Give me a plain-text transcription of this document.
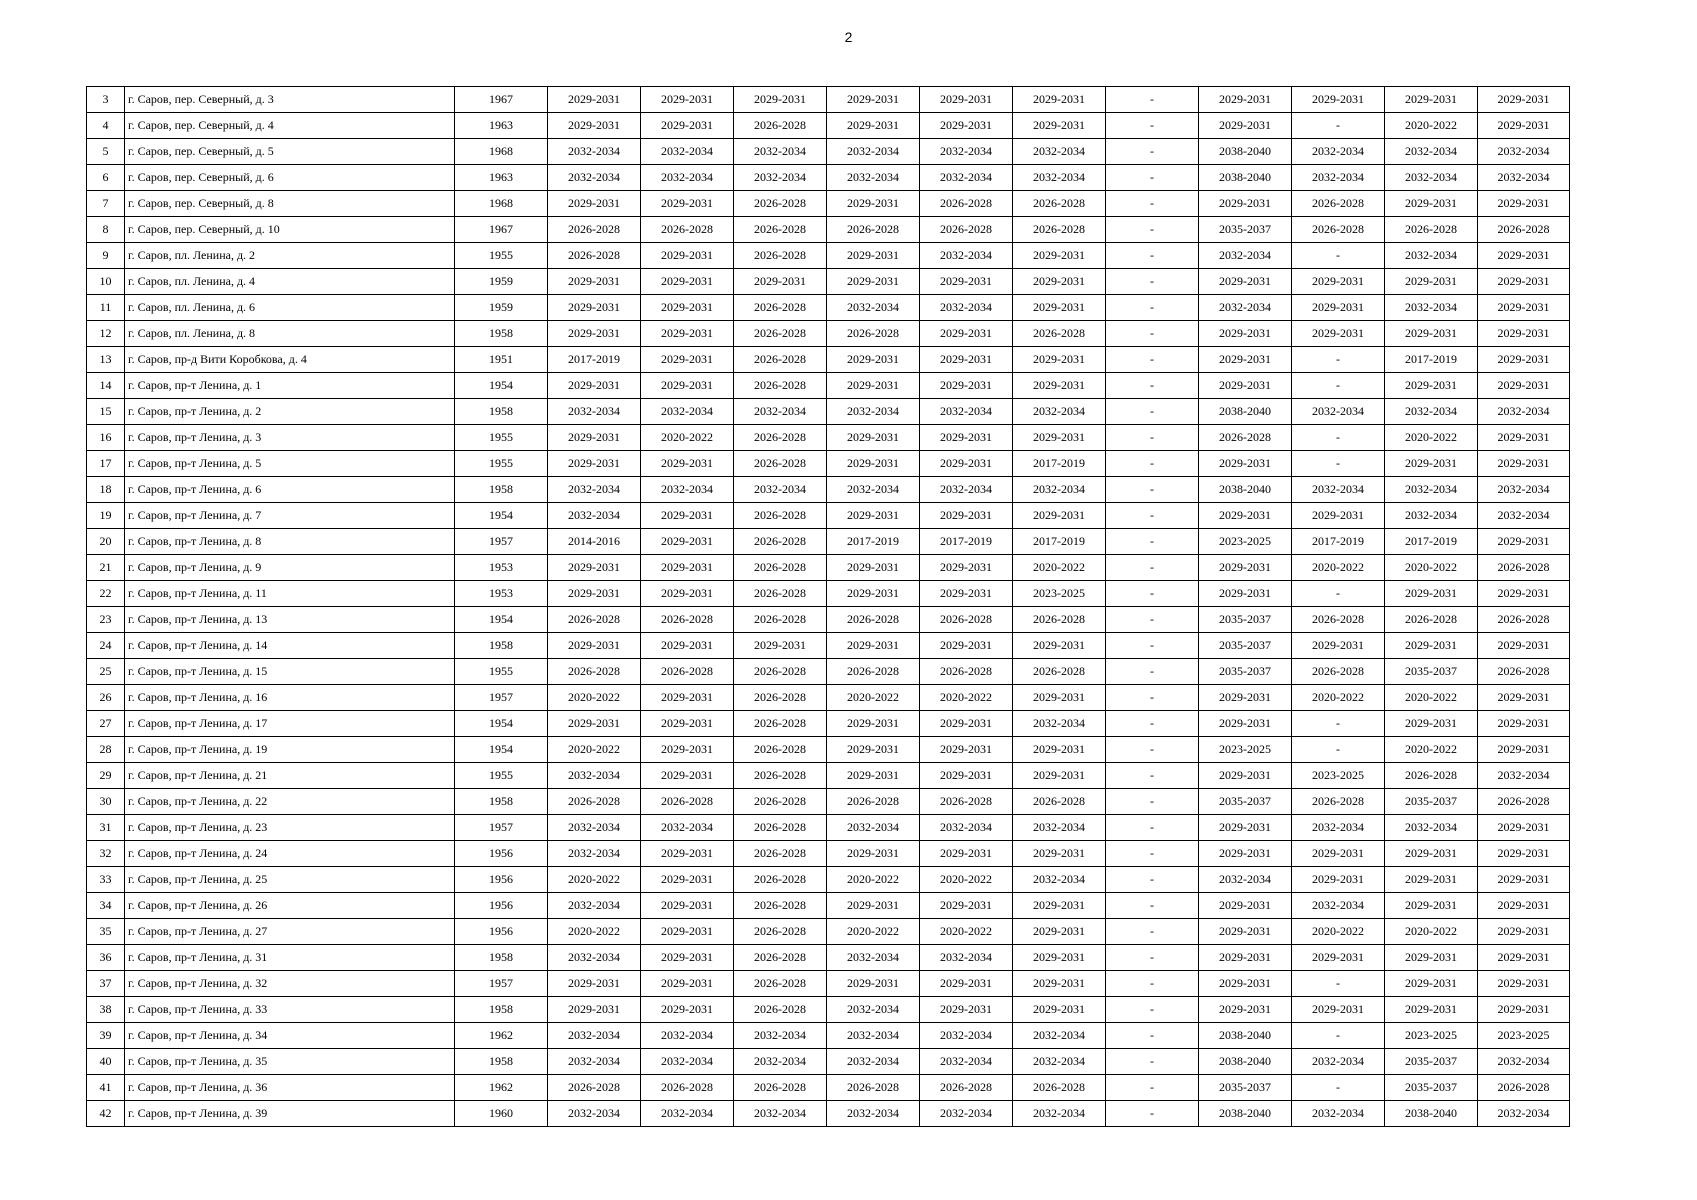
2
3	г. Саров, пер. Северный, д. 3	1967	2029-2031	2029-2031	2029-2031	2029-2031	2029-2031	2029-2031	-	2029-2031	2029-2031	2029-2031	2029-2031
4	г. Саров, пер. Северный, д. 4	1963	2029-2031	2029-2031	2026-2028	2029-2031	2029-2031	2029-2031	-	2029-2031	-	2020-2022	2029-2031
5	г. Саров, пер. Северный, д. 5	1968	2032-2034	2032-2034	2032-2034	2032-2034	2032-2034	2032-2034	-	2038-2040	2032-2034	2032-2034	2032-2034
6	г. Саров, пер. Северный, д. 6	1963	2032-2034	2032-2034	2032-2034	2032-2034	2032-2034	2032-2034	-	2038-2040	2032-2034	2032-2034	2032-2034
7	г. Саров, пер. Северный, д. 8	1968	2029-2031	2029-2031	2026-2028	2029-2031	2026-2028	2026-2028	-	2029-2031	2026-2028	2029-2031	2029-2031
8	г. Саров, пер. Северный, д. 10	1967	2026-2028	2026-2028	2026-2028	2026-2028	2026-2028	2026-2028	-	2035-2037	2026-2028	2026-2028	2026-2028
9	г. Саров, пл. Ленина, д. 2	1955	2026-2028	2029-2031	2026-2028	2029-2031	2032-2034	2029-2031	-	2032-2034	-	2032-2034	2029-2031
10	г. Саров, пл. Ленина, д. 4	1959	2029-2031	2029-2031	2029-2031	2029-2031	2029-2031	2029-2031	-	2029-2031	2029-2031	2029-2031	2029-2031
11	г. Саров, пл. Ленина, д. 6	1959	2029-2031	2029-2031	2026-2028	2032-2034	2032-2034	2029-2031	-	2032-2034	2029-2031	2032-2034	2029-2031
12	г. Саров, пл. Ленина, д. 8	1958	2029-2031	2029-2031	2026-2028	2026-2028	2029-2031	2026-2028	-	2029-2031	2029-2031	2029-2031	2029-2031
13	г. Саров, пр-д Вити Коробкова, д. 4	1951	2017-2019	2029-2031	2026-2028	2029-2031	2029-2031	2029-2031	-	2029-2031	-	2017-2019	2029-2031
14	г. Саров, пр-т Ленина, д. 1	1954	2029-2031	2029-2031	2026-2028	2029-2031	2029-2031	2029-2031	-	2029-2031	-	2029-2031	2029-2031
15	г. Саров, пр-т Ленина, д. 2	1958	2032-2034	2032-2034	2032-2034	2032-2034	2032-2034	2032-2034	-	2038-2040	2032-2034	2032-2034	2032-2034
16	г. Саров, пр-т Ленина, д. 3	1955	2029-2031	2020-2022	2026-2028	2029-2031	2029-2031	2029-2031	-	2026-2028	-	2020-2022	2029-2031
17	г. Саров, пр-т Ленина, д. 5	1955	2029-2031	2029-2031	2026-2028	2029-2031	2029-2031	2017-2019	-	2029-2031	-	2029-2031	2029-2031
18	г. Саров, пр-т Ленина, д. 6	1958	2032-2034	2032-2034	2032-2034	2032-2034	2032-2034	2032-2034	-	2038-2040	2032-2034	2032-2034	2032-2034
19	г. Саров, пр-т Ленина, д. 7	1954	2032-2034	2029-2031	2026-2028	2029-2031	2029-2031	2029-2031	-	2029-2031	2029-2031	2032-2034	2032-2034
20	г. Саров, пр-т Ленина, д. 8	1957	2014-2016	2029-2031	2026-2028	2017-2019	2017-2019	2017-2019	-	2023-2025	2017-2019	2017-2019	2029-2031
21	г. Саров, пр-т Ленина, д. 9	1953	2029-2031	2029-2031	2026-2028	2029-2031	2029-2031	2020-2022	-	2029-2031	2020-2022	2020-2022	2026-2028
22	г. Саров, пр-т Ленина, д. 11	1953	2029-2031	2029-2031	2026-2028	2029-2031	2029-2031	2023-2025	-	2029-2031	-	2029-2031	2029-2031
23	г. Саров, пр-т Ленина, д. 13	1954	2026-2028	2026-2028	2026-2028	2026-2028	2026-2028	2026-2028	-	2035-2037	2026-2028	2026-2028	2026-2028
24	г. Саров, пр-т Ленина, д. 14	1958	2029-2031	2029-2031	2029-2031	2029-2031	2029-2031	2029-2031	-	2035-2037	2029-2031	2029-2031	2029-2031
25	г. Саров, пр-т Ленина, д. 15	1955	2026-2028	2026-2028	2026-2028	2026-2028	2026-2028	2026-2028	-	2035-2037	2026-2028	2035-2037	2026-2028
26	г. Саров, пр-т Ленина, д. 16	1957	2020-2022	2029-2031	2026-2028	2020-2022	2020-2022	2029-2031	-	2029-2031	2020-2022	2020-2022	2029-2031
27	г. Саров, пр-т Ленина, д. 17	1954	2029-2031	2029-2031	2026-2028	2029-2031	2029-2031	2032-2034	-	2029-2031	-	2029-2031	2029-2031
28	г. Саров, пр-т Ленина, д. 19	1954	2020-2022	2029-2031	2026-2028	2029-2031	2029-2031	2029-2031	-	2023-2025	-	2020-2022	2029-2031
29	г. Саров, пр-т Ленина, д. 21	1955	2032-2034	2029-2031	2026-2028	2029-2031	2029-2031	2029-2031	-	2029-2031	2023-2025	2026-2028	2032-2034
30	г. Саров, пр-т Ленина, д. 22	1958	2026-2028	2026-2028	2026-2028	2026-2028	2026-2028	2026-2028	-	2035-2037	2026-2028	2035-2037	2026-2028
31	г. Саров, пр-т Ленина, д. 23	1957	2032-2034	2032-2034	2026-2028	2032-2034	2032-2034	2032-2034	-	2029-2031	2032-2034	2032-2034	2029-2031
32	г. Саров, пр-т Ленина, д. 24	1956	2032-2034	2029-2031	2026-2028	2029-2031	2029-2031	2029-2031	-	2029-2031	2029-2031	2029-2031	2029-2031
33	г. Саров, пр-т Ленина, д. 25	1956	2020-2022	2029-2031	2026-2028	2020-2022	2020-2022	2032-2034	-	2032-2034	2029-2031	2029-2031	2029-2031
34	г. Саров, пр-т Ленина, д. 26	1956	2032-2034	2029-2031	2026-2028	2029-2031	2029-2031	2029-2031	-	2029-2031	2032-2034	2029-2031	2029-2031
35	г. Саров, пр-т Ленина, д. 27	1956	2020-2022	2029-2031	2026-2028	2020-2022	2020-2022	2029-2031	-	2029-2031	2020-2022	2020-2022	2029-2031
36	г. Саров, пр-т Ленина, д. 31	1958	2032-2034	2029-2031	2026-2028	2032-2034	2032-2034	2029-2031	-	2029-2031	2029-2031	2029-2031	2029-2031
37	г. Саров, пр-т Ленина, д. 32	1957	2029-2031	2029-2031	2026-2028	2029-2031	2029-2031	2029-2031	-	2029-2031	-	2029-2031	2029-2031
38	г. Саров, пр-т Ленина, д. 33	1958	2029-2031	2029-2031	2026-2028	2032-2034	2029-2031	2029-2031	-	2029-2031	2029-2031	2029-2031	2029-2031
39	г. Саров, пр-т Ленина, д. 34	1962	2032-2034	2032-2034	2032-2034	2032-2034	2032-2034	2032-2034	-	2038-2040	-	2023-2025	2023-2025
40	г. Саров, пр-т Ленина, д. 35	1958	2032-2034	2032-2034	2032-2034	2032-2034	2032-2034	2032-2034	-	2038-2040	2032-2034	2035-2037	2032-2034
41	г. Саров, пр-т Ленина, д. 36	1962	2026-2028	2026-2028	2026-2028	2026-2028	2026-2028	2026-2028	-	2035-2037	-	2035-2037	2026-2028
42	г. Саров, пр-т Ленина, д. 39	1960	2032-2034	2032-2034	2032-2034	2032-2034	2032-2034	2032-2034	-	2038-2040	2032-2034	2038-2040	2032-2034
